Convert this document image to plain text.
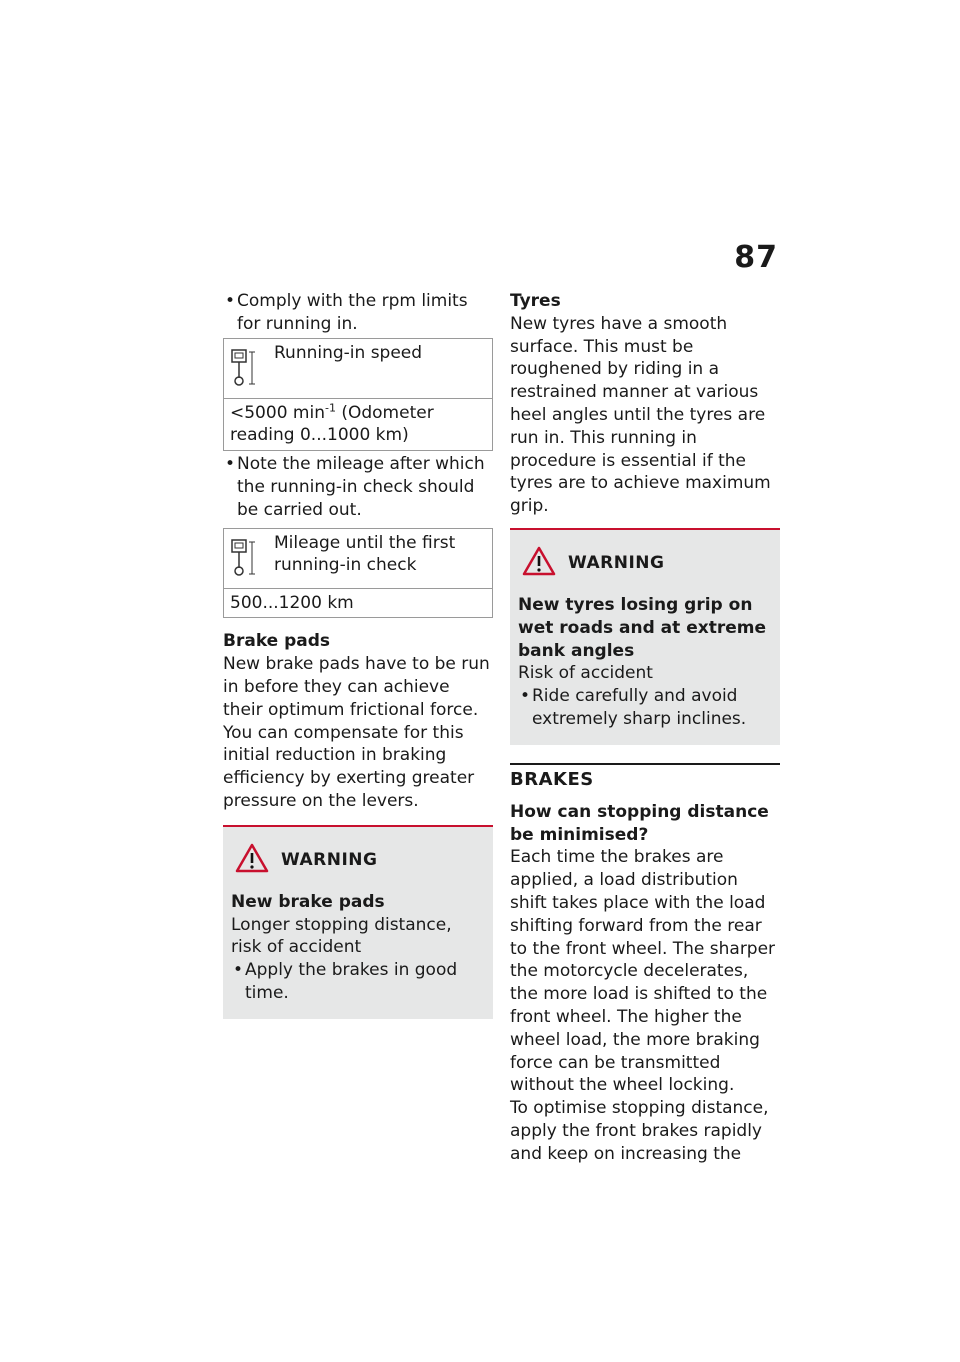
87
• Comply with the rpm limits for running in.
Running-in speed
<5000 $\min^{-1}$ (Odometer reading 0...1000 km)
• Note the mileage after which the running-in check should be carried out.
Mileage until the first running-in check
500...1200 km

Brake pads

New brake pads have to be run in before they can achieve their optimum frictional force. You can compensate for this initial reduction in braking efficiency by exerting greater pressure on the levers.

WARNING

New brake pads

Longer stopping distance, risk of accident

• Apply the brakes in good time.

Tyres

New tyres have a smooth surface. This must be roughened by riding in a restrained manner at various heel angles until the tyres are run in. This running in procedure is essential if the tyres are to achieve maximum grip.

WARNING

New tyres losing grip on wet roads and at extreme bank angles

Risk of accident

• Ride carefully and avoid extremely sharp inclines.
BRAKES

How can stopping distance be minimised?

Each time the brakes are applied, a load distribution shift takes place with the load shifting forward from the rear to the front wheel. The sharper the motorcycle decelerates, the more load is shifted to the front wheel. The higher the wheel load, the more braking force can be transmitted without the wheel locking.

To optimise stopping distance, apply the front brakes rapidly and keep on increasing the
